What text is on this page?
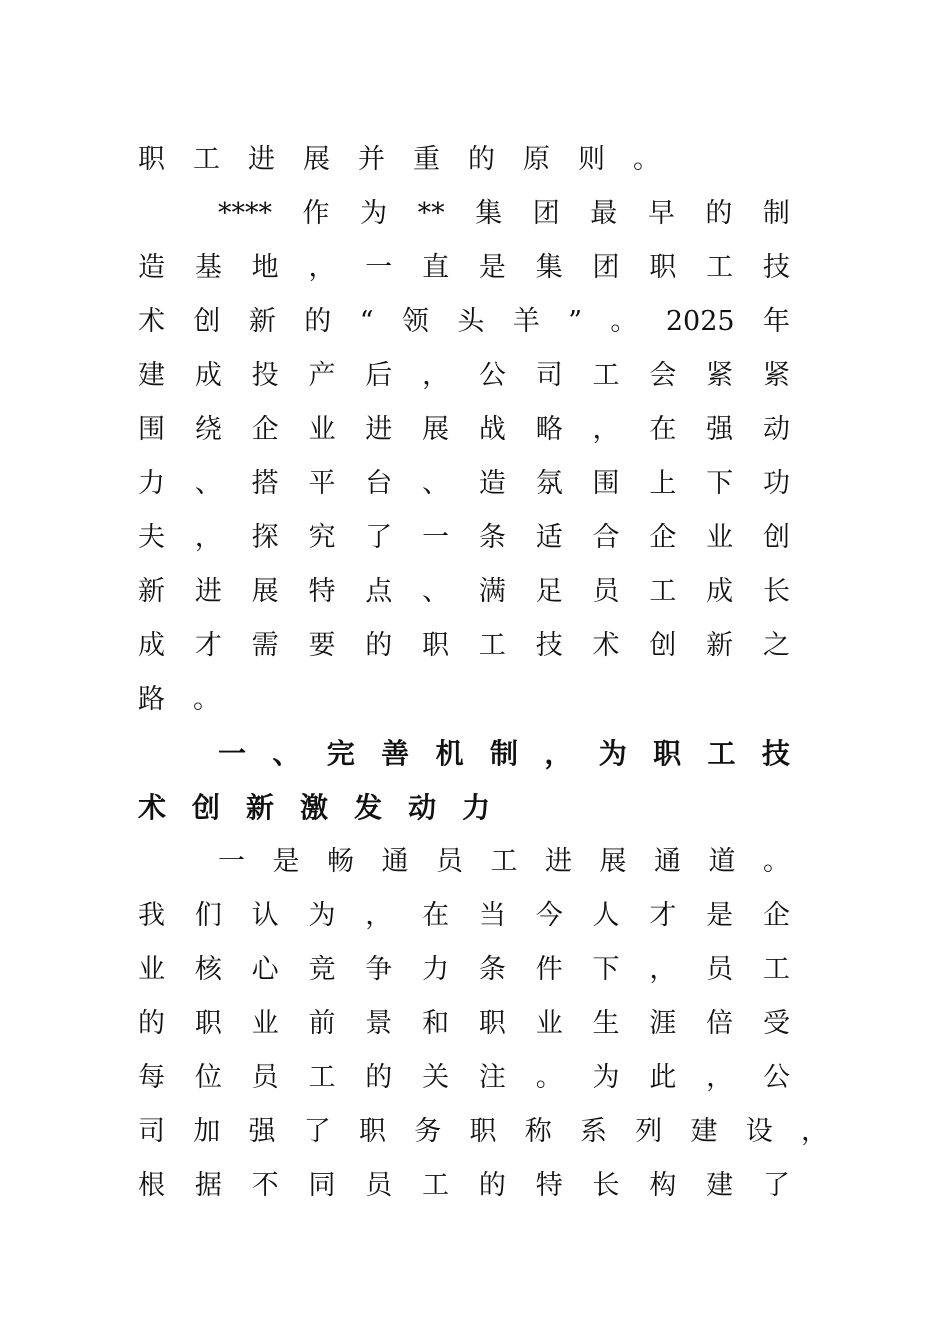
职 工 进 展 并 重 的 原 则 。
**** 作 为 ** 集 团 最 早 的 制
造 基 地 ， 一 直 是 集 团 职 工 技
术 创 新 的 “ 领 头 羊 ” 。 2025 年
建 成 投 产 后 ， 公 司 工 会 紧 紧
围 绕 企 业 进 展 战 略 ， 在 强 动
力 、 搭 平 台 、 造 氛 围 上 下 功
夫 ， 探 究 了 一 条 适 合 企 业 创
新 进 展 特 点 、 满 足 员 工 成 长
成 才 需 要 的 职 工 技 术 创 新 之
路 。
一 、 完 善 机 制 ， 为 职 工 技
术 创 新 激 发 动 力
一 是 畅 通 员 工 进 展 通 道 。
我 们 认 为 ， 在 当 今 人 才 是 企
业 核 心 竞 争 力 条 件 下 ， 员 工
的 职 业 前 景 和 职 业 生 涯 倍 受
每 位 员 工 的 关 注 。 为 此 ， 公
司 加 强 了 职 务 职 称 系 列 建 设 ，
根 据 不 同 员 工 的 特 长 构 建 了
